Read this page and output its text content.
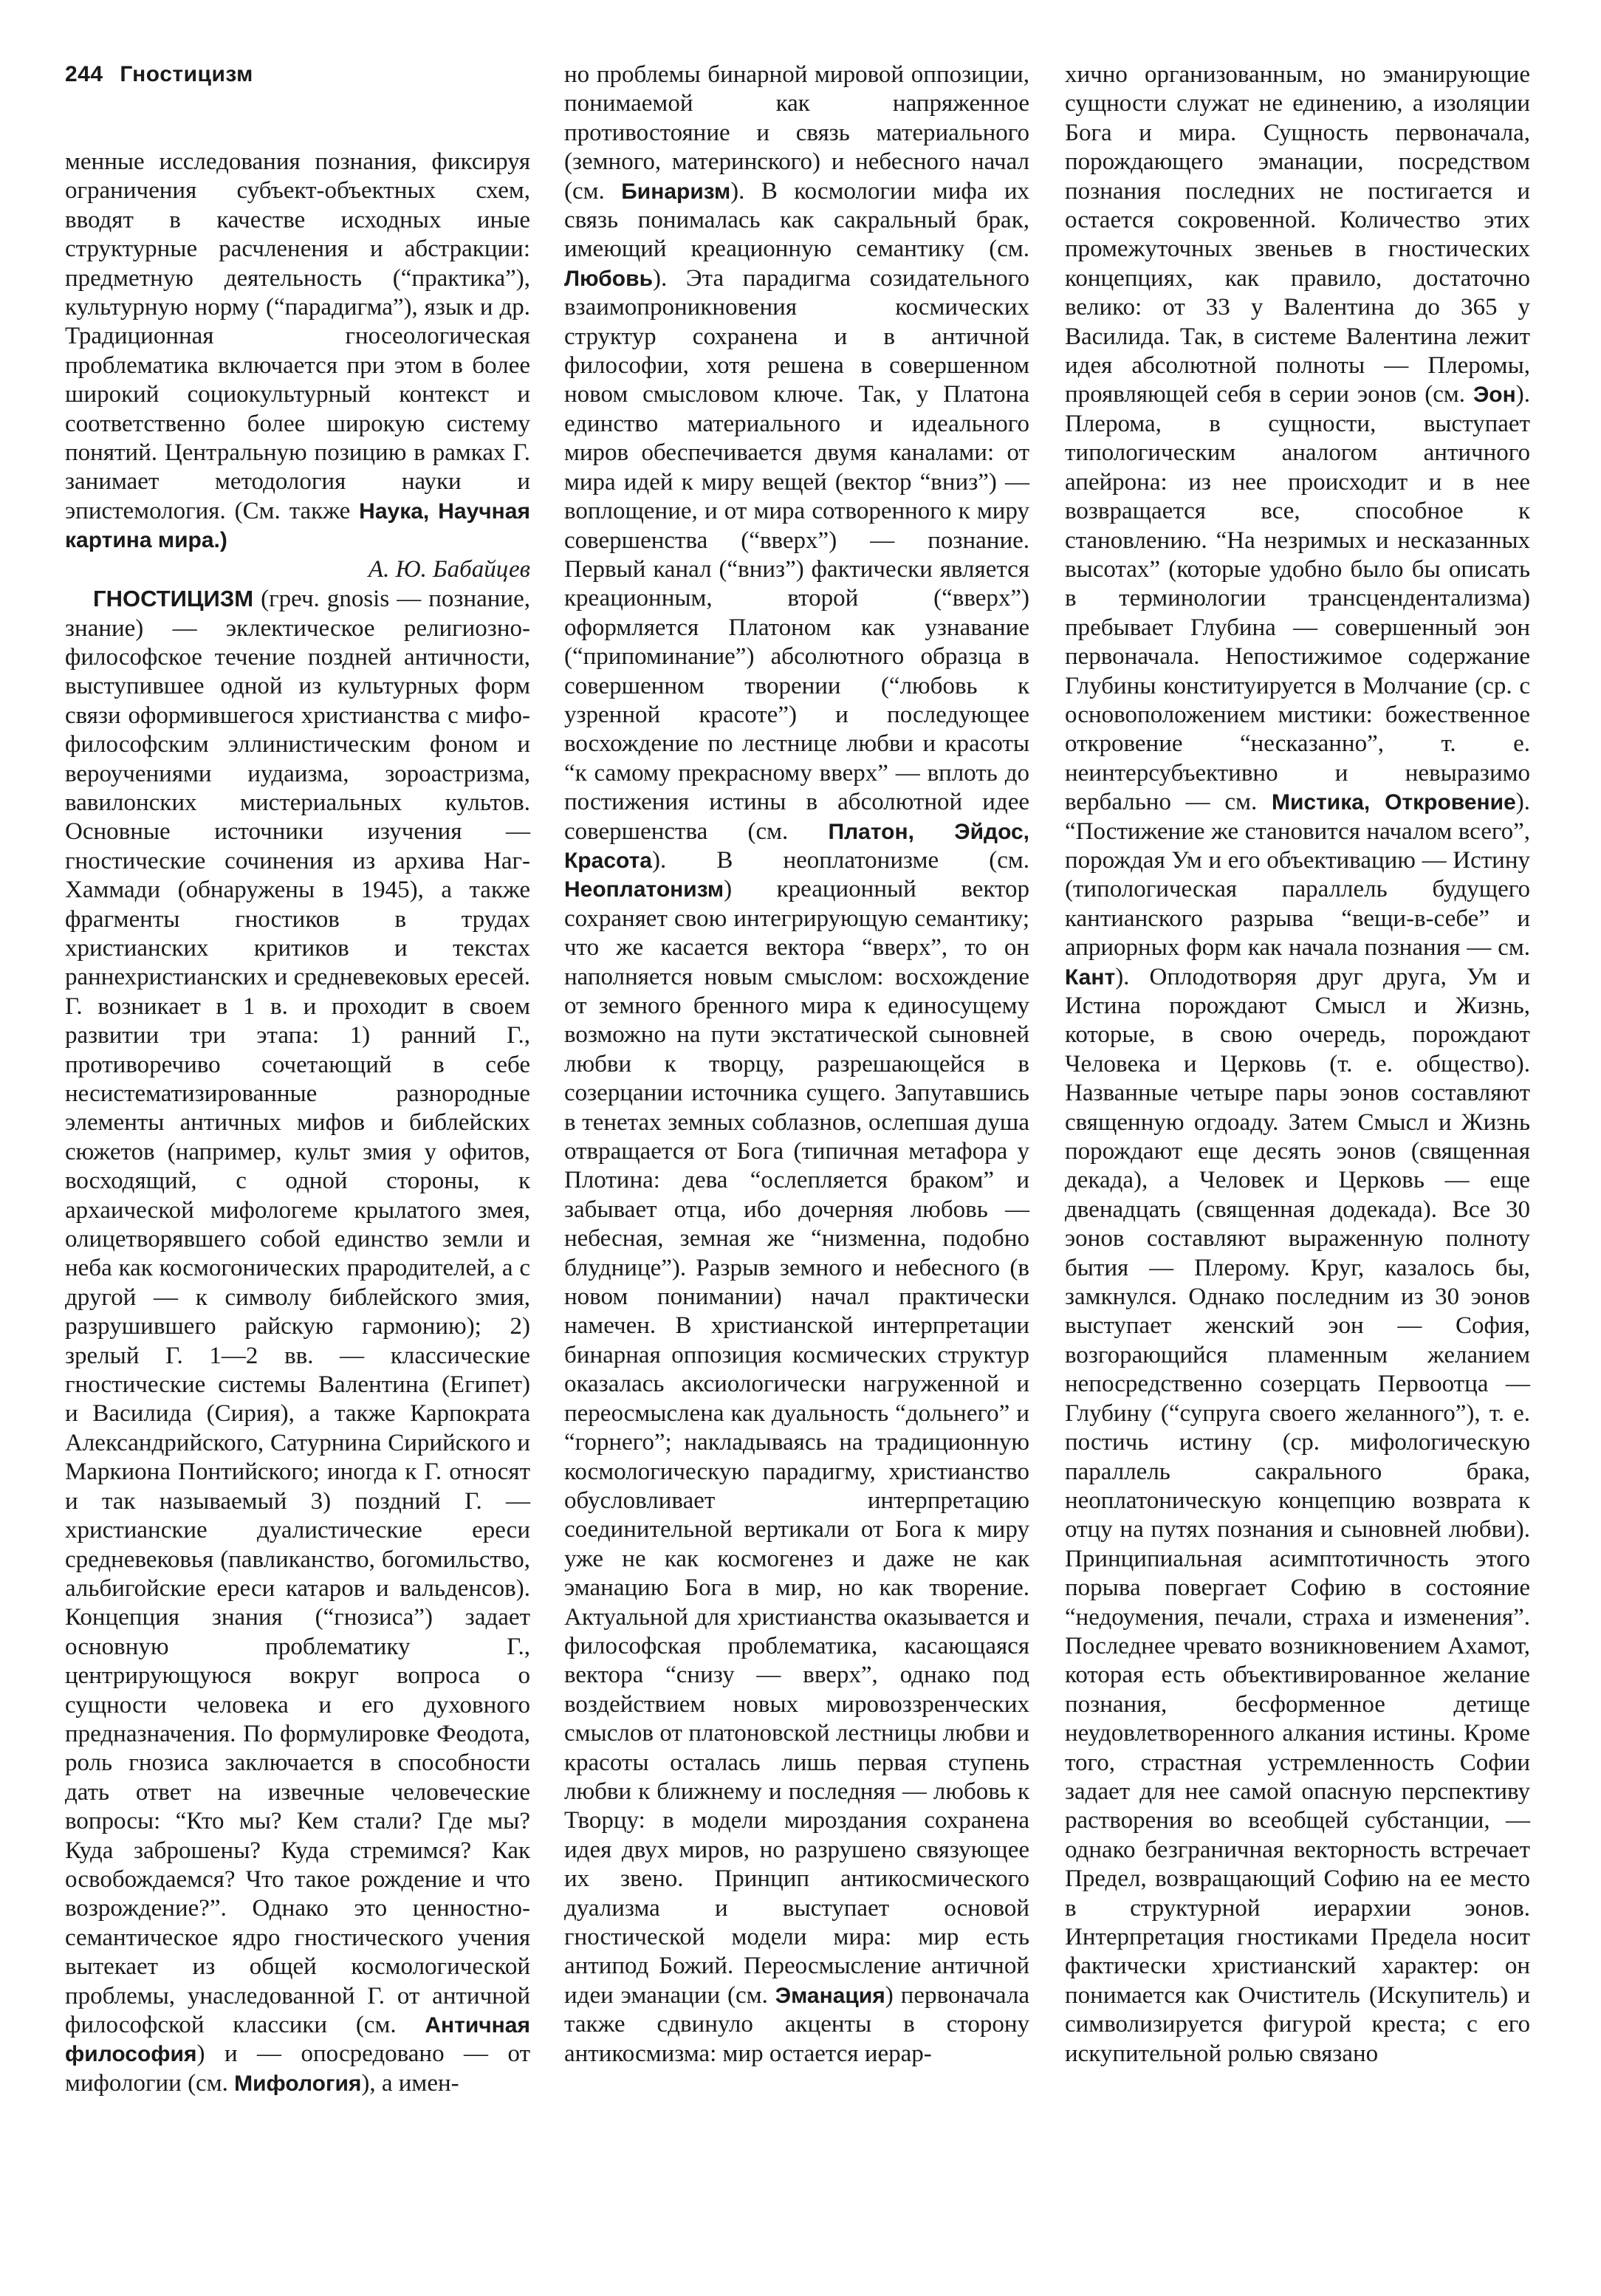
244 Гностицизм

менные исследования познания, фиксируя ограничения субъект-объектных схем, вводят в качестве исходных иные структурные расчленения и абстракции: предметную деятельность (“практика”), культурную норму (“парадигма”), язык и др. Традиционная гносеологическая проблематика включается при этом в более широкий социокультурный контекст и соответственно более широкую систему понятий. Центральную позицию в рамках Г. занимает методология науки и эпистемология. (См. также Наука, Научная картина мира.)

А. Ю. Бабайцев

ГНОСТИЦИЗМ (греч. gnosis — познание, знание) — эклектическое религиозно-философское течение поздней античности, выступившее одной из культурных форм связи оформившегося христианства с мифо-философским эллинистическим фоном и вероучениями иудаизма, зороастризма, вавилонских мистериальных культов. Основные источники изучения — гностические сочинения из архива Наг-Хаммади (обнаружены в 1945), а также фрагменты гностиков в трудах христианских критиков и текстах раннехристианских и средневековых ересей. Г. возникает в 1 в. и проходит в своем развитии три этапа: 1) ранний Г., противоречиво сочетающий в себе несистематизированные разнородные элементы античных мифов и библейских сюжетов (например, культ змия у офитов, восходящий, с одной стороны, к архаической мифологеме крылатого змея, олицетворявшего собой единство земли и неба как космогонических прародителей, а с другой — к символу библейского змия, разрушившего райскую гармонию); 2) зрелый Г. 1—2 вв. — классические гностические системы Валентина (Египет) и Василида (Сирия), а также Карпократа Александрийского, Сатурнина Сирийского и Маркиона Понтийского; иногда к Г. относят и так называемый 3) поздний Г. — христианские дуалистические ереси средневековья (павликанство, богомильство, альбигойские ереси катаров и вальденсов). Концепция знания (“гнозиса”) задает основную проблематику Г., центрирующуюся вокруг вопроса о сущности человека и его духовного предназначения. По формулировке Феодота, роль гнозиса заключается в способности дать ответ на извечные человеческие вопросы: “Кто мы? Кем стали? Где мы? Куда заброшены? Куда стремимся? Как освобождаемся? Что такое рождение и что возрождение?”. Однако это ценностно-семантическое ядро гностического учения вытекает из общей космологической проблемы, унаследованной Г. от античной философской классики (см. Античная философия) и — опосредовано — от мифологии (см. Мифология), а имен-

но проблемы бинарной мировой оппозиции, понимаемой как напряженное противостояние и связь материального (земного, материнского) и небесного начал (см. Бинаризм). В космологии мифа их связь понималась как сакральный брак, имеющий креационную семантику (см. Любовь). Эта парадигма созидательного взаимопроникновения космических структур сохранена и в античной философии, хотя решена в совершенном новом смысловом ключе. Так, у Платона единство материального и идеального миров обеспечивается двумя каналами: от мира идей к миру вещей (вектор “вниз”) — воплощение, и от мира сотворенного к миру совершенства (“вверх”) — познание. Первый канал (“вниз”) фактически является креационным, второй (“вверх”) оформляется Платоном как узнавание (“припоминание”) абсолютного образца в совершенном творении (“любовь к узренной красоте”) и последующее восхождение по лестнице любви и красоты “к самому прекрасному вверх” — вплоть до постижения истины в абсолютной идее совершенства (см. Платон, Эйдос, Красота). В неоплатонизме (см. Неоплатонизм) креационный вектор сохраняет свою интегрирующую семантику; что же касается вектора “вверх”, то он наполняется новым смыслом: восхождение от земного бренного мира к единосущему возможно на пути экстатической сыновней любви к творцу, разрешающейся в созерцании источника сущего. Запутавшись в тенетах земных соблазнов, ослепшая душа отвращается от Бога (типичная метафора у Плотина: дева “ослепляется браком” и забывает отца, ибо дочерняя любовь — небесная, земная же “низменна, подобно блуднице”). Разрыв земного и небесного (в новом понимании) начал практически намечен. В христианской интерпретации бинарная оппозиция космических структур оказалась аксиологически нагруженной и переосмыслена как дуальность “дольнего” и “горнего”; накладываясь на традиционную космологическую парадигму, христианство обусловливает интерпретацию соединительной вертикали от Бога к миру уже не как космогенез и даже не как эманацию Бога в мир, но как творение. Актуальной для христианства оказывается и философская проблематика, касающаяся вектора “снизу — вверх”, однако под воздействием новых мировоззренческих смыслов от платоновской лестницы любви и красоты осталась лишь первая ступень любви к ближнему и последняя — любовь к Творцу: в модели мироздания сохранена идея двух миров, но разрушено связующее их звено. Принцип антикосмического дуализма и выступает основой гностической модели мира: мир есть антипод Божий. Переосмысление античной идеи эманации (см. Эманация) первоначала также сдвинуло акценты в сторону антикосмизма: мир остается иерар-

хично организованным, но эманирующие сущности служат не единению, а изоляции Бога и мира. Сущность первоначала, порождающего эманации, посредством познания последних не постигается и остается сокровенной. Количество этих промежуточных звеньев в гностических концепциях, как правило, достаточно велико: от 33 у Валентина до 365 у Василида. Так, в системе Валентина лежит идея абсолютной полноты — Плеромы, проявляющей себя в серии эонов (см. Эон). Плерома, в сущности, выступает типологическим аналогом античного апейрона: из нее происходит и в нее возвращается все, способное к становлению. “На незримых и несказанных высотах” (которые удобно было бы описать в терминологии трансцендентализма) пребывает Глубина — совершенный эон первоначала. Непостижимое содержание Глубины конституируется в Молчание (ср. с основоположением мистики: божественное откровение “несказанно”, т. е. неинтерсубъективно и невыразимо вербально — см. Мистика, Откровение). “Постижение же становится началом всего”, порождая Ум и его объективацию — Истину (типологическая параллель будущего кантианского разрыва “вещи-в-себе” и априорных форм как начала познания — см. Кант). Оплодотворяя друг друга, Ум и Истина порождают Смысл и Жизнь, которые, в свою очередь, порождают Человека и Церковь (т. е. общество). Названные четыре пары эонов составляют священную огдоаду. Затем Смысл и Жизнь порождают еще десять эонов (священная декада), а Человек и Церковь — еще двенадцать (священная додекада). Все 30 эонов составляют выраженную полноту бытия — Плерому. Круг, казалось бы, замкнулся. Однако последним из 30 эонов выступает женский эон — София, возгорающийся пламенным желанием непосредственно созерцать Первоотца — Глубину (“супруга своего желанного”), т. е. постичь истину (ср. мифологическую параллель сакрального брака, неоплатоническую концепцию возврата к отцу на путях познания и сыновней любви). Принципиальная асимптотичность этого порыва повергает Софию в состояние “недоумения, печали, страха и изменения”. Последнее чревато возникновением Ахамот, которая есть объективированное желание познания, бесформенное детище неудовлетворенного алкания истины. Кроме того, страстная устремленность Софии задает для нее самой опасную перспективу растворения во всеобщей субстанции, — однако безграничная векторность встречает Предел, возвращающий Софию на ее место в структурной иерархии эонов. Интерпретация гностиками Предела носит фактически христианский характер: он понимается как Очиститель (Искупитель) и символизируется фигурой креста; с его искупительной ролью связано
